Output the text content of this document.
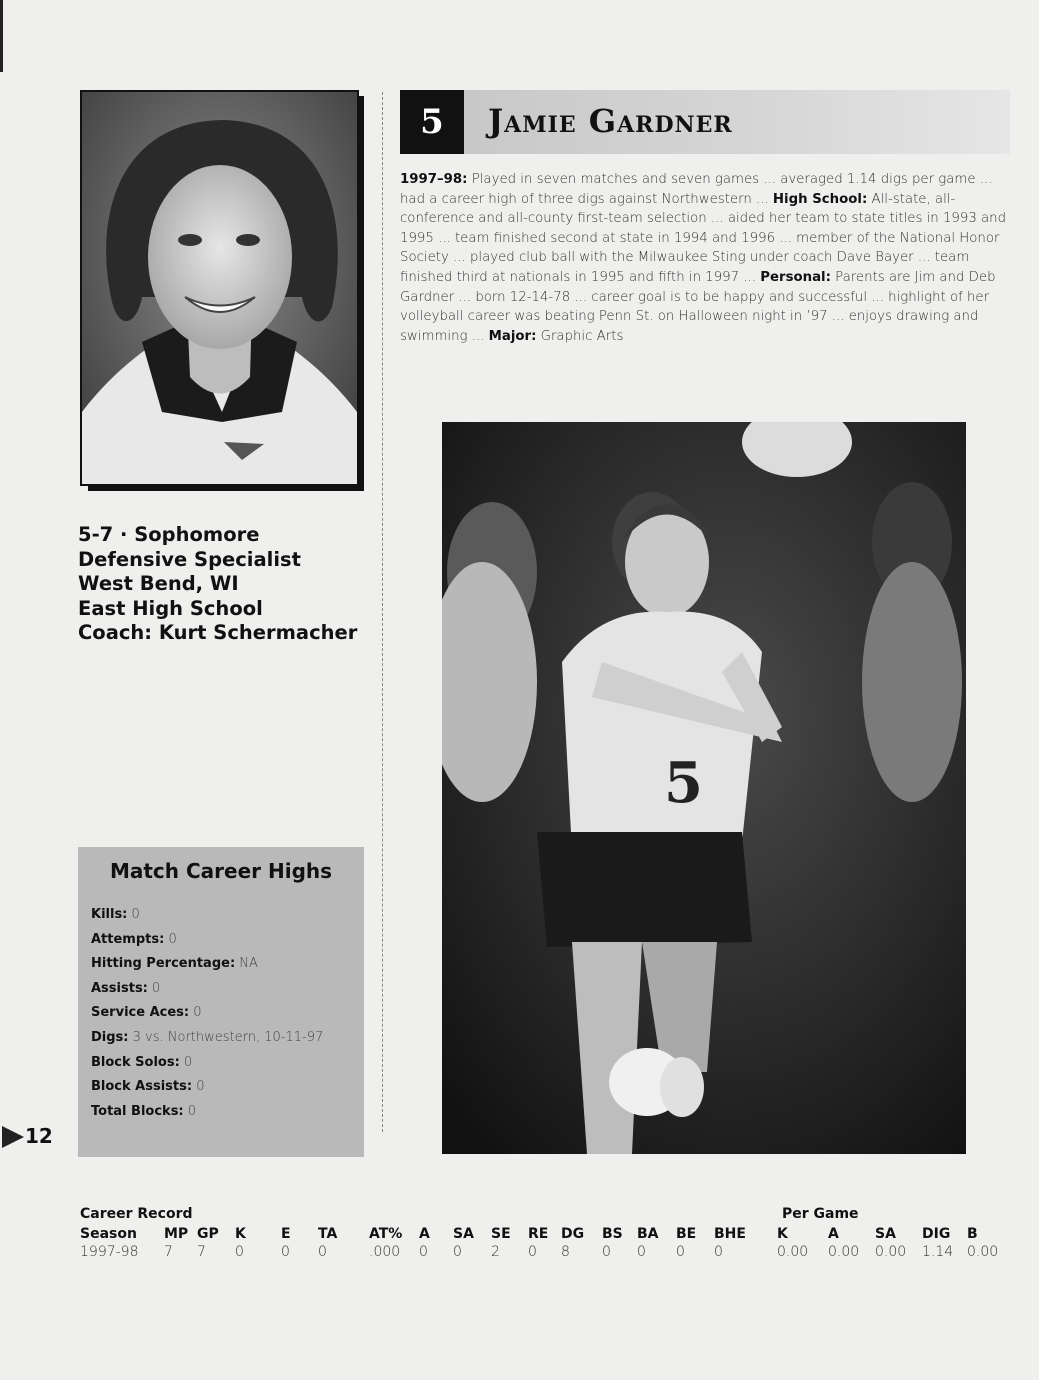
5	Jamie Gardner
1997–98: Played in seven matches and seven games ... averaged 1.14 digs per game ... had a career high of three digs against Northwestern ... High School: All-state, all-conference and all-county first-team selection ... aided her team to state titles in 1993 and 1995 ... team finished second at state in 1994 and 1996 ... member of the National Honor Society ... played club ball with the Milwaukee Sting under coach Dave Bayer ... team finished third at nationals in 1995 and fifth in 1997 ... Personal: Parents are Jim and Deb Gardner ... born 12-14-78 ... career goal is to be happy and successful ... highlight of her volleyball career was beating Penn St. on Halloween night in ’97 ... enjoys drawing and swimming ... Major: Graphic Arts
5-7 · Sophomore
Defensive Specialist
West Bend, WI
East High School
Coach: Kurt Schermacher
Match Career Highs
Kills: 0
Attempts: 0
Hitting Percentage: NA
Assists: 0
Service Aces: 0
Digs: 3 vs. Northwestern, 10-11-97
Block Solos: 0
Block Assists: 0
Total Blocks: 0
12
5
Career Record	Per Game
Season MP GP K	E TA AT% A SA SE RE DG BS BA BE BHE K	A	SA DIG B
1997-98 7 7 0	0 0	.000 0 0 2 0 8 0 0 0 0	0.00 0.00 0.00 1.14 0.00
